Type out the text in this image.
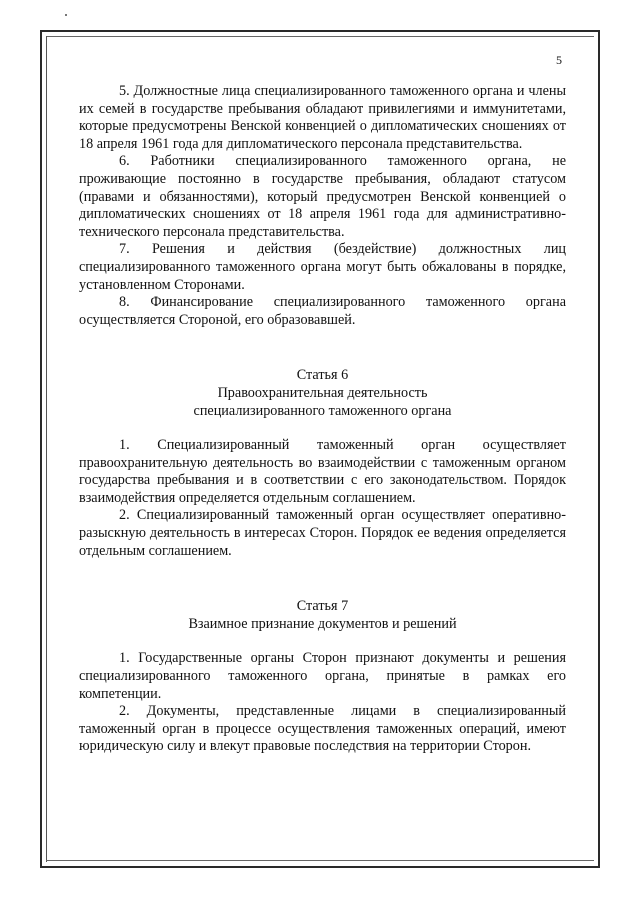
5

5. Должностные лица специализированного таможенного органа и члены их семей в государстве пребывания обладают привилегиями и иммунитетами, которые предусмотрены Венской конвенцией о дипломатических сношениях от 18 апреля 1961 года для дипломатического персонала представительства.

6. Работники специализированного таможенного органа, не проживающие постоянно в государстве пребывания, обладают статусом (правами и обязанностями), который предусмотрен Венской конвенцией о дипломатических сношениях от 18 апреля 1961 года для административно-технического персонала представительства.

7. Решения и действия (бездействие) должностных лиц специализированного таможенного органа могут быть обжалованы в порядке, установленном Сторонами.

8. Финансирование специализированного таможенного органа осуществляется Стороной, его образовавшей.

Статья 6

Правоохранительная деятельность

специализированного таможенного органа

1. Специализированный таможенный орган осуществляет правоохранительную деятельность во взаимодействии с таможенным органом государства пребывания и в соответствии с его законодательством. Порядок взаимодействия определяется отдельным соглашением.

2. Специализированный таможенный орган осуществляет оперативно-разыскную деятельность в интересах Сторон. Порядок ее ведения определяется отдельным соглашением.

Статья 7

Взаимное признание документов и решений

1. Государственные органы Сторон признают документы и решения специализированного таможенного органа, принятые в рамках его компетенции.

2. Документы, представленные лицами в специализированный таможенный орган в процессе осуществления таможенных операций, имеют юридическую силу и влекут правовые последствия на территории Сторон.
